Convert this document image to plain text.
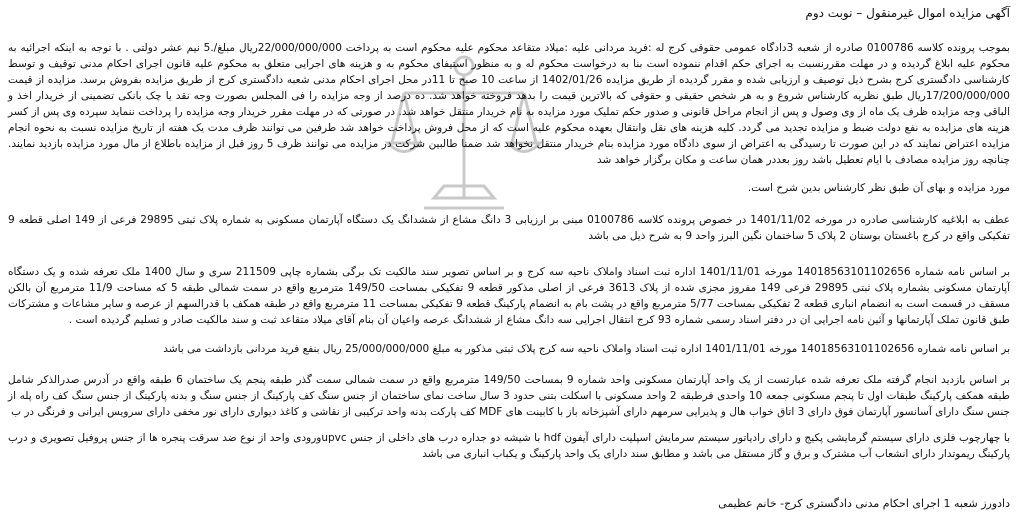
آگهی مزایده اموال غیرمنقول – نوبت دوم

بموجب پرونده کلاسه 0100786 صادره از شعبه 3دادگاه عمومی حقوقی کرج له :فرید مردانی علیه :میلاد متقاعد محکوم علیه محکوم است به پرداخت 22/000/000/000ریال مبلغ/.5 نیم عشر دولتی . با توجه به اینکه اجرائیه به محکوم علیه ابلاغ گردیده و در مهلت مقررنسبت به اجرای حکم اقدام ننموده است بنا به درخواست محکوم له و به منظور استیفای محکوم به و هزینه های اجرایی متعلق به محکوم علیه قانون اجرای احکام مدنی توقیف و توسط کارشناسی دادگستری کرج بشرح ذیل توصیف و ارزیابی شده و مقرر گردیده از طریق مزایده 1402/01/26 از ساعت 10 صبح تا 11در محل اجرای احکام مدنی شعبه دادگستری کرج از طریق مزایده بفروش برسد. مزایده از قیمت 17/200/000/000ریال طبق نظریه کارشناس شروع و به هر شخص حقیقی و حقوقی که بالاترین قیمت را بدهد فروخته خواهد شد. ده درصد از وجه مزایده را فی المجلس بصورت وجه نقد یا چک بانکی تضمینی از خریدار اخذ و الباقی وجه مزایده ظرف یک ماه از وی وصول و پس از انجام مراحل قانونی و صدور حکم تملیک مورد مزایده به نام خریدار منتقل خواهد شد. در صورتی که در مهلت مقرر خریدار وجه مزایده را پرداخت ننماید سپرده وی پس از کسر هزینه های مزایده به نفع دولت ضبط و مزایده تجدید می گردد. کلیه هزینه های نقل وانتقال بعهده محکوم علیه است که از محل فروش پرداخت خواهد شد طرفین می توانند ظرف مدت یک هفته از تاریخ مزایده نسبت به نحوه انجام مزایده اعتراض نمایند که در این صورت تا رسیدگی به اعتراض از سوی دادگاه مورد مزایده بنام خریدار منتقل نخواهد شد ضمنا طالبین شرکت در مزایده می توانند ظرف 5 روز قبل از مزایده باطلاع از مال مورد مزایده بازدید نمایند. چنانچه روز مزایده مصادف با ایام تعطیل باشد روز بعددر همان ساعت و مکان برگزار خواهد شد

مورد مزایده و بهای آن طبق نظر کارشناس بدین شرح است.

عطف به ابلاغیه کارشناسی صادره در مورخه 1401/11/02 در خصوص پرونده کلاسه 0100786 مبنی بر ارزیابی 3 دانگ مشاع از ششدانگ یک دستگاه آپارتمان مسکونی به شماره پلاک ثبتی 29895 فرعی از 149 اصلی قطعه 9 تفکیکی واقع در کرج باغستان بوستان 2 پلاک 5 ساختمان نگین البرز واحد 9 به شرح ذیل می باشد

بر اساس نامه شماره 14018563101102656 مورخه 1401/11/01 اداره ثبت اسناد واملاک ناحیه سه کرج و بر اساس تصویر سند مالکیت تک برگی بشماره چاپی 211509 سری و سال 1400 ملک تعرفه شده و یک دستگاه آپارتمان مسکونی بشماره پلاک ثبتی 29895 فرعی 149 مفروز مجزی شده از پلاک 3613 فرعی از اصلی مذکور قطعه 9 تفکیکی بمساحت 149/50 مترمربع واقع در سمت شمالی طبقه 5 که مساحت 11/9 مترمربع آن بالکن مسقف در قسمت است به انضمام انباری قطعه 2 تفکیکی بمساحت 5/77 مترمربع واقع در پشت بام به انضمام پارکینگ قطعه 9 تفکیکی بمساحت 11 مترمربع واقع در طبقه همکف با قدرالسهم از عرصه و سایر مشاعات و مشترکات طبق قانون تملک آپارتمانها و آئین نامه اجرایی ان در دفتر اسناد رسمی شماره 93 کرج انتقال اجرایی سه دانگ مشاع از ششدانگ عرصه واعیان آن بنام آقای میلاد متقاعد ثبت و سند مالکیت صادر و تسلیم گردیده است .

بر اساس نامه شماره 14018563101102656 مورخه 1401/11/01 اداره ثبت اسناد واملاک ناحیه سه کرج پلاک ثبتی مذکور به مبلغ 25/000/000/000 ریال بنفع فرید مردانی بازداشت می باشد

بر اساس بازدید انجام گرفته ملک تعرفه شده عبارتست از یک واحد آپارتمان مسکونی واحد شماره 9 بمساحت 149/50 مترمربع واقع در سمت شمالی سمت گذر طبقه پنجم یک ساختمان 6 طبقه واقع در آدرس صدرالذکر شامل طبقه همکف پارکینگ طبقات اول تا پنجم مسکونی جمعه 10 واحدی فرطبقه 2 واحد مسکونی با اسکلت بتنی حدود 3 سال ساخت نمای ساختمان از جنس سنگ کف پارکینگ از جنس سنگ و بدنه پارکینگ از جنس سنگ کف راه پله از جنس سنگ دارای آسانسور آپارتمان فوق دارای 3 اتاق خواب هال و پذیرایی سرمهم دارای آشپزخانه باز با کابینت های MDF کف پارکت بدنه واحد ترکیبی از نقاشی و کاغذ دیواری دارای نور مخفی دارای سرویس ایرانی و فرنگی در ب

با چهارچوب فلزی دارای سیستم گرمایشی پکیج و دارای رادیاتور سیستم سرمایش اسپلیت دارای آیفون hdf با شیشه دو جداره درب های داخلی از جنس upvcورودی واحد از نوع ضد سرقت پنجره ها از جنس پروفیل تصویری و درب پارکینگ ریموتدار دارای انشعاب آب مشترک و برق و گاز مستقل می باشد و مطابق سند دارای یک واحد پارکینگ و یکباب انباری می باشد

دادورز شعبه 1 اجرای احکام مدنی دادگستری کرج- خانم عظیمی
